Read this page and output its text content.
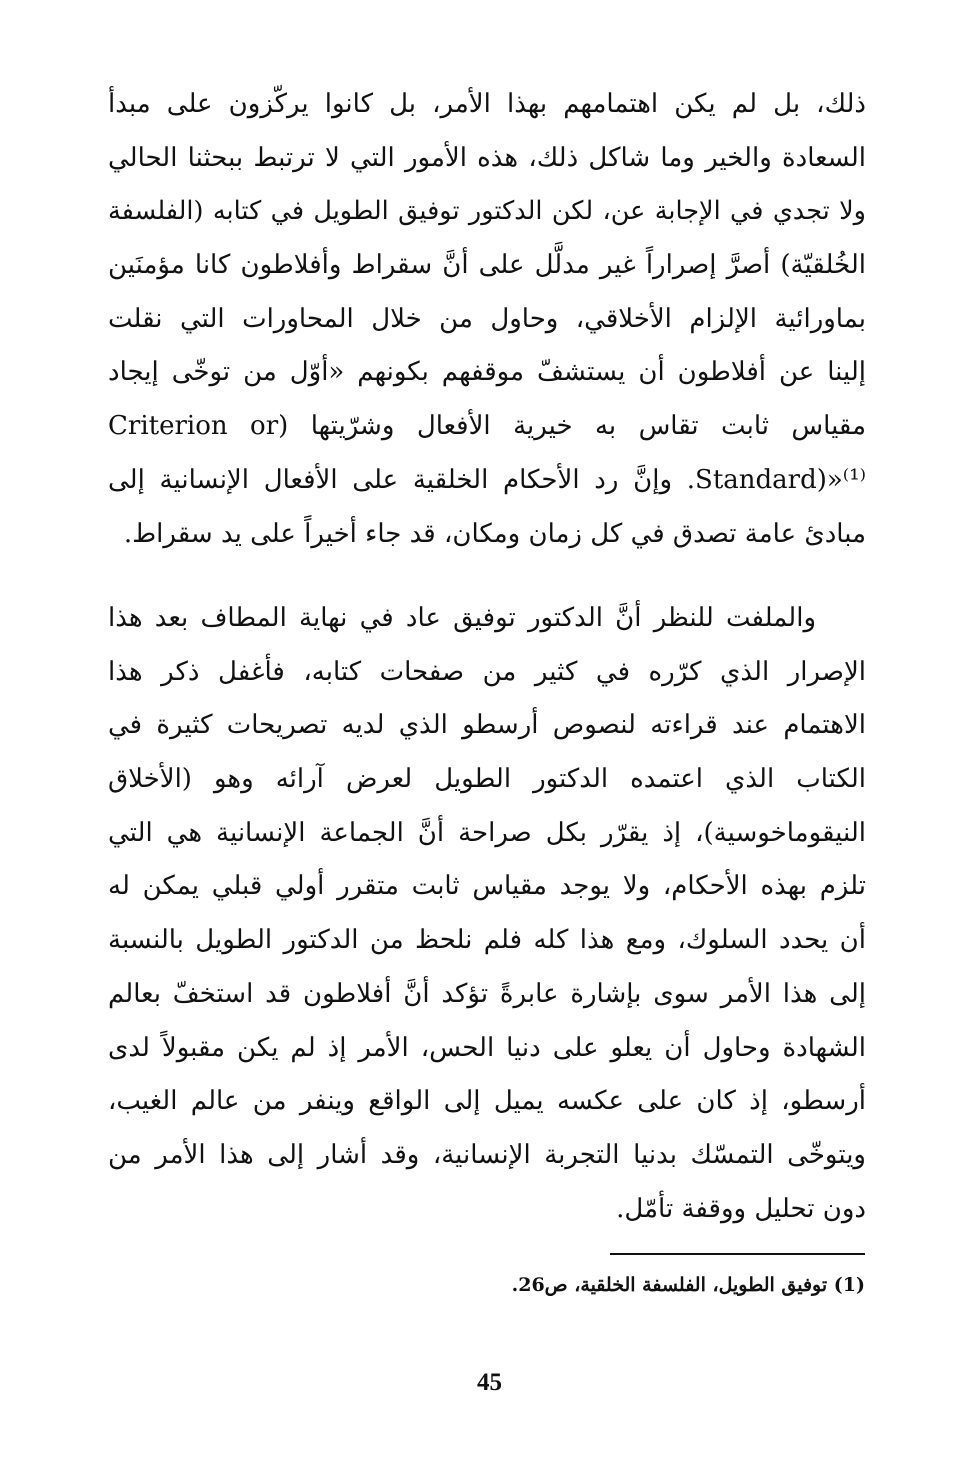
ذلك، بل لم يكن اهتمامهم بهذا الأمر، بل كانوا يركّزون على مبدأ
السعادة والخير وما شاكل ذلك، هذه الأمور التي لا ترتبط ببحثنا الحالي
ولا تجدي في الإجابة عن، لكن الدكتور توفيق الطويل في كتابه (الفلسفة
الخُلقيّة) أصرَّ إصراراً غير مدلَّل على أنَّ سقراط وأفلاطون كانا مؤمنَين
بماورائية الإلزام الأخلاقي، وحاول من خلال المحاورات التي نقلت
إلينا عن أفلاطون أن يستشفّ موقفهم بكونهم «أوّل من توخّى إيجاد
مقياس ثابت تقاس به خيرية الأفعال وشرّيتها (Criterion or
Standard)»⁽¹⁾. وإنَّ رد الأحكام الخلقية على الأفعال الإنسانية إلى
مبادئ عامة تصدق في كل زمان ومكان، قد جاء أخيراً على يد سقراط.
والملفت للنظر أنَّ الدكتور توفيق عاد في نهاية المطاف بعد هذا
الإصرار الذي كرّره في كثير من صفحات كتابه، فأغفل ذكر هذا
الاهتمام عند قراءته لنصوص أرسطو الذي لديه تصريحات كثيرة في
الكتاب الذي اعتمده الدكتور الطويل لعرض آرائه وهو (الأخلاق
النيقوماخوسية)، إذ يقرّر بكل صراحة أنَّ الجماعة الإنسانية هي التي
تلزم بهذه الأحكام، ولا يوجد مقياس ثابت متقرر أولي قبلي يمكن له
أن يحدد السلوك، ومع هذا كله فلم نلحظ من الدكتور الطويل بالنسبة
إلى هذا الأمر سوى بإشارة عابرةً تؤكد أنَّ أفلاطون قد استخفّ بعالم
الشهادة وحاول أن يعلو على دنيا الحس، الأمر إذ لم يكن مقبولاً لدى
أرسطو، إذ كان على عكسه يميل إلى الواقع وينفر من عالم الغيب،
ويتوخّى التمسّك بدنيا التجربة الإنسانية، وقد أشار إلى هذا الأمر من
دون تحليل ووقفة تأمّل.
(1) توفيق الطويل، الفلسفة الخلقية، ص26.
45
